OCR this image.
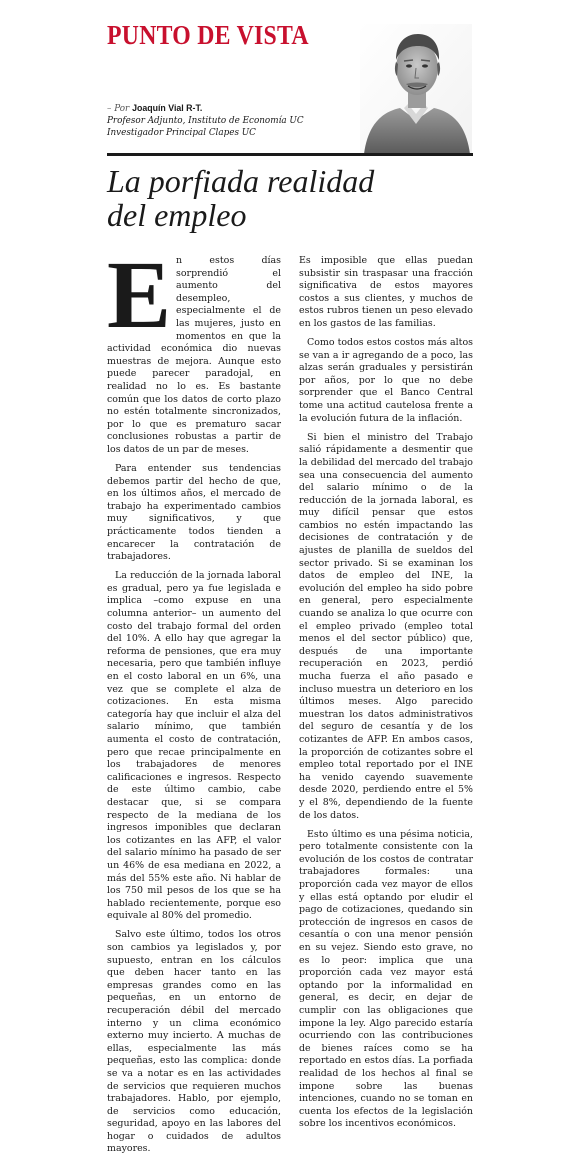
PUNTO DE VISTA
– Por Joaquín Vial R-T.
Profesor Adjunto, Instituto de Economía UC
Investigador Principal Clapes UC
La porfiada realidad
del empleo

E n estos días sorprendió el aumento del desempleo, especialmente el de las mujeres, justo en momentos en que la actividad económica dio nuevas muestras de mejora. Aunque esto puede parecer paradojal, en realidad no lo es. Es bastante común que los datos de corto plazo no estén totalmente sincronizados, por lo que es prematuro sacar conclusiones robustas a partir de los datos de un par de meses.

Para entender sus tendencias debemos partir del hecho de que, en los últimos años, el mercado de trabajo ha experimentado cambios muy significativos, y que prácticamente todos tienden a encarecer la contratación de trabajadores.

La reducción de la jornada laboral es gradual, pero ya fue legislada e implica –como expuse en una columna anterior– un aumento del costo del trabajo formal del orden del 10%. A ello hay que agregar la reforma de pensiones, que era muy necesaria, pero que también influye en el costo laboral en un 6%, una vez que se complete el alza de cotizaciones. En esta misma categoría hay que incluir el alza del salario mínimo, que también aumenta el costo de contratación, pero que recae principalmente en los trabajadores de menores calificaciones e ingresos. Respecto de este último cambio, cabe destacar que, si se compara respecto de la mediana de los ingresos imponibles que declaran los cotizantes en las AFP, el valor del salario mínimo ha pasado de ser un 46% de esa mediana en 2022, a más del 55% este año. Ni hablar de los 750 mil pesos de los que se ha hablado recientemente, porque eso equivale al 80% del promedio.

Salvo este último, todos los otros son cambios ya legislados y, por supuesto, entran en los cálculos que deben hacer tanto en las empresas grandes como en las pequeñas, en un entorno de recuperación débil del mercado interno y un clima económico externo muy incierto. A muchas de ellas, especialmente las más pequeñas, esto las complica: donde se va a notar es en las actividades de servicios que requieren muchos trabajadores. Hablo, por ejemplo, de servicios como educación, seguridad, apoyo en las labores del hogar o cuidados de adultos mayores.

Es imposible que ellas puedan subsistir sin traspasar una fracción significativa de estos mayores costos a sus clientes, y muchos de estos rubros tienen un peso elevado en los gastos de las familias.

Como todos estos costos más altos se van a ir agregando de a poco, las alzas serán graduales y persistirán por años, por lo que no debe sorprender que el Banco Central tome una actitud cautelosa frente a la evolución futura de la inflación.

Si bien el ministro del Trabajo salió rápidamente a desmentir que la debilidad del mercado del trabajo sea una consecuencia del aumento del salario mínimo o de la reducción de la jornada laboral, es muy difícil pensar que estos cambios no estén impactando las decisiones de contratación y de ajustes de planilla de sueldos del sector privado. Si se examinan los datos de empleo del INE, la evolución del empleo ha sido pobre en general, pero especialmente cuando se analiza lo que ocurre con el empleo privado (empleo total menos el del sector público) que, después de una importante recuperación en 2023, perdió mucha fuerza el año pasado e incluso muestra un deterioro en los últimos meses. Algo parecido muestran los datos administrativos del seguro de cesantía y de los cotizantes de AFP. En ambos casos, la proporción de cotizantes sobre el empleo total reportado por el INE ha venido cayendo suavemente desde 2020, perdiendo entre el 5% y el 8%, dependiendo de la fuente de los datos.

Esto último es una pésima noticia, pero totalmente consistente con la evolución de los costos de contratar trabajadores formales: una proporción cada vez mayor de ellos y ellas está optando por eludir el pago de cotizaciones, quedando sin protección de ingresos en casos de cesantía o con una menor pensión en su vejez. Siendo esto grave, no es lo peor: implica que una proporción cada vez mayor está optando por la informalidad en general, es decir, en dejar de cumplir con las obligaciones que impone la ley. Algo parecido estaría ocurriendo con las contribuciones de bienes raíces como se ha reportado en estos días. La porfiada realidad de los hechos al final se impone sobre las buenas intenciones, cuando no se toman en cuenta los efectos de la legislación sobre los incentivos económicos.
